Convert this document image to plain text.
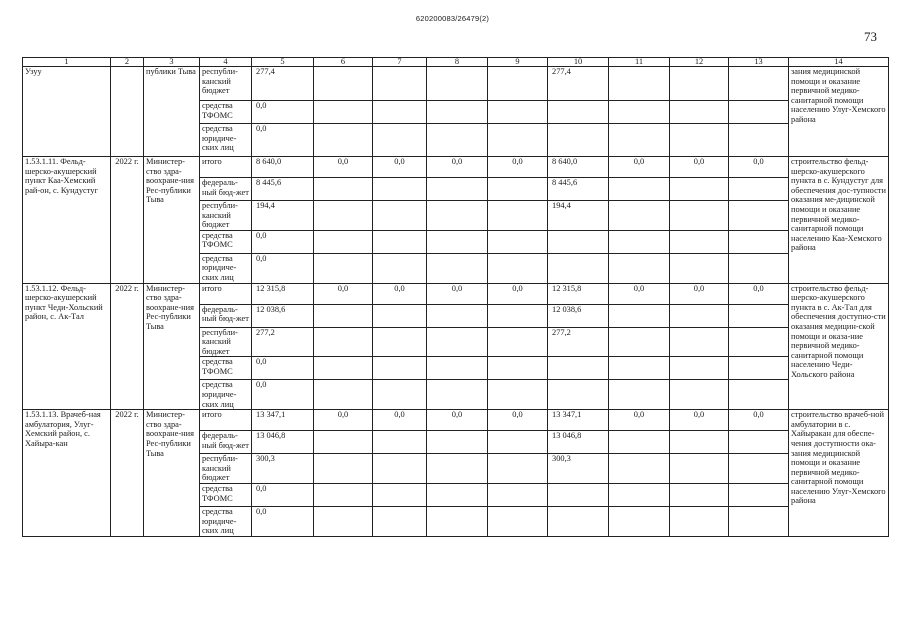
620200083/26479(2)
73
1	2	3	4	5	6	7	8	9	10	11	12	13	14
Узуу		публики Тыва	республи-канский бюджет	277,4					277,4				зания медицинской помощи и оказание первичной медико-санитарной помощи населению Улуг-Хемского района
			средства ТФОМС	0,0									
			средства юридиче-ских лиц	0,0									
1.53.1.11. Фельд-шерско-акушерский пункт Каа-Хемский рай-он, с. Кундустуг	2022 г.	Министер-ство здра-воохране-ния Рес-публики Тыва	итого	8 640,0	0,0	0,0	0,0	0,0	8 640,0	0,0	0,0	0,0	строительство фельд-шерско-акушерского пункта в с. Кундустуг для обеспечения дос-тупности оказания ме-дицинской помощи и оказание первичной медико-санитарной помощи населению Каа-Хемского района
			федераль-ный бюд-жет	8 445,6					8 445,6				
			республи-канский бюджет	194,4					194,4				
			средства ТФОМС	0,0									
			средства юридиче-ских лиц	0,0									
1.53.1.12. Фельд-шерско-акушерский пункт Чеди-Хольский район, с. Ак-Тал	2022 г.	Министер-ство здра-воохране-ния Рес-публики Тыва	итого	12 315,8	0,0	0,0	0,0	0,0	12 315,8	0,0	0,0	0,0	строительство фельд-шерско-акушерского пункта в с. Ак-Тал для обеспечения доступно-сти оказания медицин-ской помощи и оказа-ние первичной медико-санитарной помощи населению Чеди-Хольского района
			федераль-ный бюд-жет	12 038,6					12 038,6				
			республи-канский бюджет	277,2					277,2				
			средства ТФОМС	0,0									
			средства юридиче-ских лиц	0,0									
1.53.1.13. Врачеб-ная амбулатория, Улуг-Хемский район, с. Хайыра-кан	2022 г.	Министер-ство здра-воохране-ния Рес-публики Тыва	итого	13 347,1	0,0	0,0	0,0	0,0	13 347,1	0,0	0,0	0,0	строительство врачеб-ной амбулатории в с. Хайыракан для обеспе-чения доступности ока-зания медицинской помощи и оказание первичной медико-санитарной помощи населению Улуг-Хемского района
			федераль-ный бюд-жет	13 046,8					13 046,8				
			республи-канский бюджет	300,3					300,3				
			средства ТФОМС	0,0									
			средства юридиче-ских лиц	0,0									
